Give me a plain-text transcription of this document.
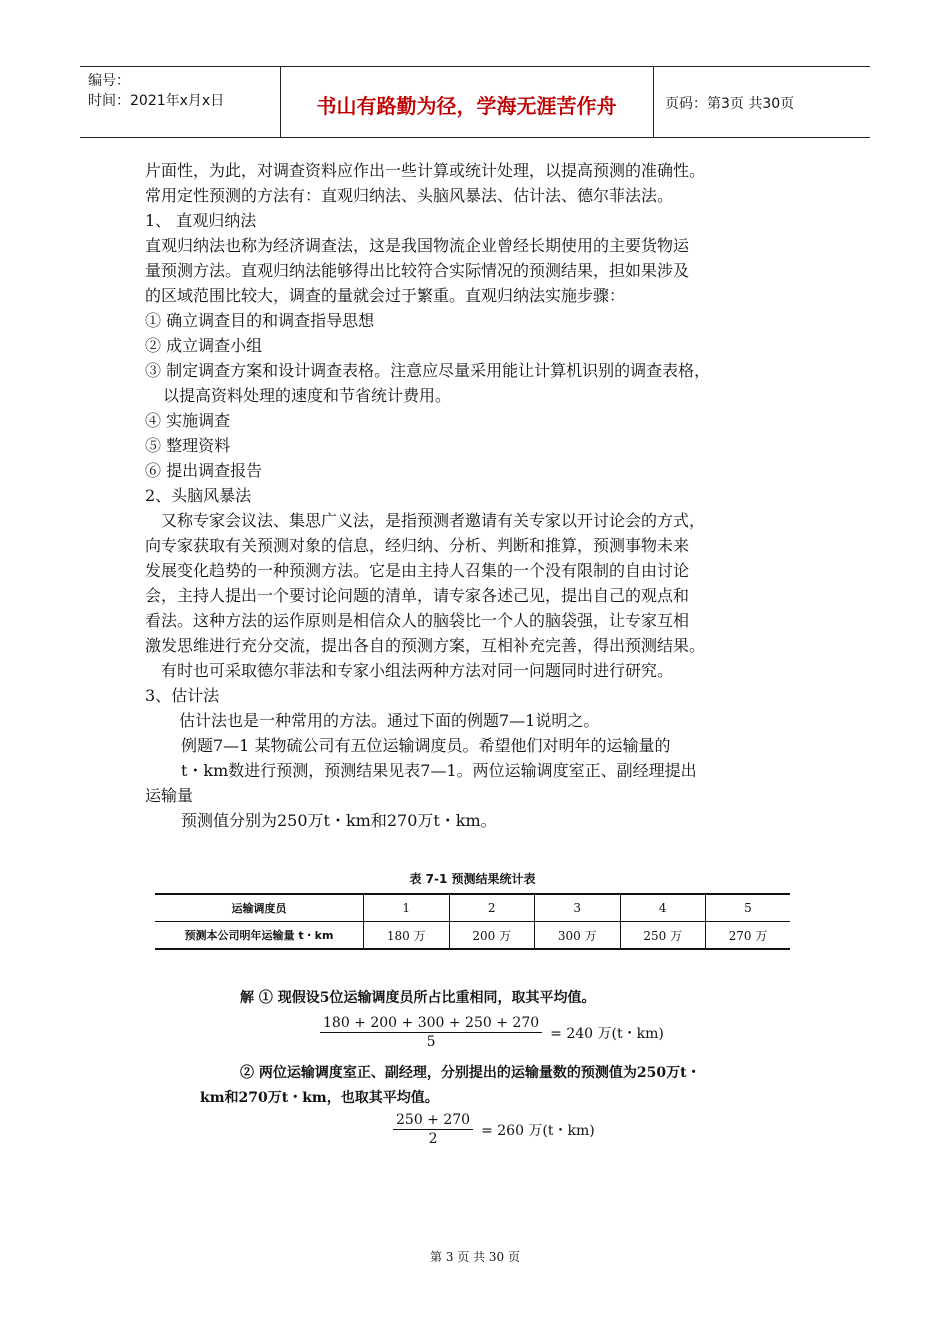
编号：
时间：2021年x月x日	书山有路勤为径，学海无涯苦作舟	页码：第3页 共30页

片面性，为此，对调查资料应作出一些计算或统计处理，以提高预测的准确性。

常用定性预测的方法有：直观归纳法、头脑风暴法、估计法、德尔菲法法。

1、 直观归纳法

直观归纳法也称为经济调查法，这是我国物流企业曾经长期使用的主要货物运

量预测方法。直观归纳法能够得出比较符合实际情况的预测结果，担如果涉及

的区域范围比较大，调查的量就会过于繁重。直观归纳法实施步骤：

① 确立调查目的和调查指导思想

② 成立调查小组

③ 制定调查方案和设计调查表格。注意应尽量采用能让计算机识别的调查表格，

以提高资料处理的速度和节省统计费用。

④ 实施调查

⑤ 整理资料

⑥ 提出调查报告

2、头脑风暴法

又称专家会议法、集思广义法，是指预测者邀请有关专家以开讨论会的方式，

向专家获取有关预测对象的信息，经归纳、分析、判断和推算，预测事物未来

发展变化趋势的一种预测方法。它是由主持人召集的一个没有限制的自由讨论

会，主持人提出一个要讨论问题的清单，请专家各述己见，提出自己的观点和

看法。这种方法的运作原则是相信众人的脑袋比一个人的脑袋强，让专家互相

激发思维进行充分交流，提出各自的预测方案，互相补充完善，得出预测结果。

有时也可采取德尔菲法和专家小组法两种方法对同一问题同时进行研究。

3、估计法

估计法也是一种常用的方法。通过下面的例题7—1说明之。

例题7—1 某物硫公司有五位运输调度员。希望他们对明年的运输量的

t・km数进行预测，预测结果见表7—1。两位运输调度室正、副经理提出

运输量

预测值分别为250万t・km和270万t・km。

表 7-1 预测结果统计表
运输调度员	1	2	3	4	5
预测本公司明年运输量 t・km	180 万	200 万	300 万	250 万	270 万
解 ① 现假设5位运输调度员所占比重相同，取其平均值。
$\frac{180 + 200 + 300 + 250 + 270}{5} = 240$ 万(t・km)
② 两位运输调度室正、副经理，分别提出的运输量数的预测值为250万t・
km和270万t・km，也取其平均值。
$\frac{250 + 270}{2} = 260$ 万(t・km)
第 3 页 共 30 页
